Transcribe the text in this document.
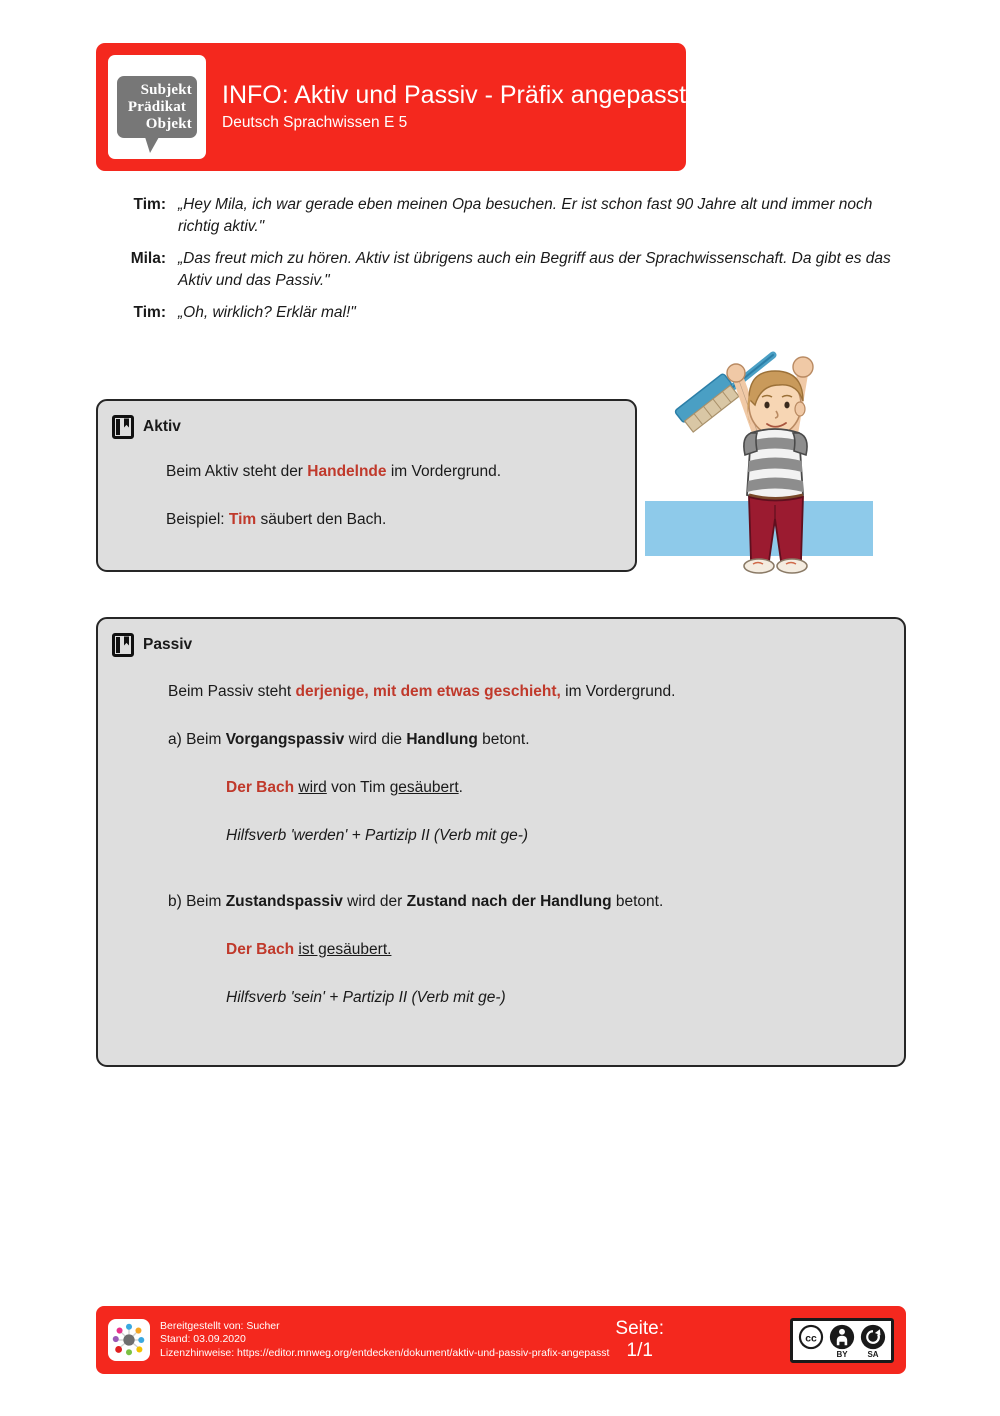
Subjekt
Prädikat
Objekt
INFO: Aktiv und Passiv - Präfix angepasst
Deutsch Sprachwissen E 5
Tim: „Hey Mila, ich war gerade eben meinen Opa besuchen. Er ist schon fast 90 Jahre alt und immer noch richtig aktiv."
Mila: „Das freut mich zu hören. Aktiv ist übrigens auch ein Begriff aus der Sprachwissenschaft. Da gibt es das Aktiv und das Passiv."
Tim: „Oh, wirklich? Erklär mal!"
Aktiv
Beim Aktiv steht der Handelnde im Vordergrund.
Beispiel: Tim säubert den Bach.
Passiv
Beim Passiv steht derjenige, mit dem etwas geschieht, im Vordergrund.
a) Beim Vorgangspassiv wird die Handlung betont.
Der Bach wird von Tim gesäubert.
Hilfsverb 'werden' + Partizip II (Verb mit ge-)
b) Beim Zustandspassiv wird der Zustand nach der Handlung betont.
Der Bach ist gesäubert.
Hilfsverb 'sein' + Partizip II (Verb mit ge-)
Bereitgestellt von: Sucher
Stand: 03.09.2020
Lizenzhinweise: https://editor.mnweg.org/entdecken/dokument/aktiv-und-passiv-prafix-angepasst
Seite: 1/1
cc
BY SA
